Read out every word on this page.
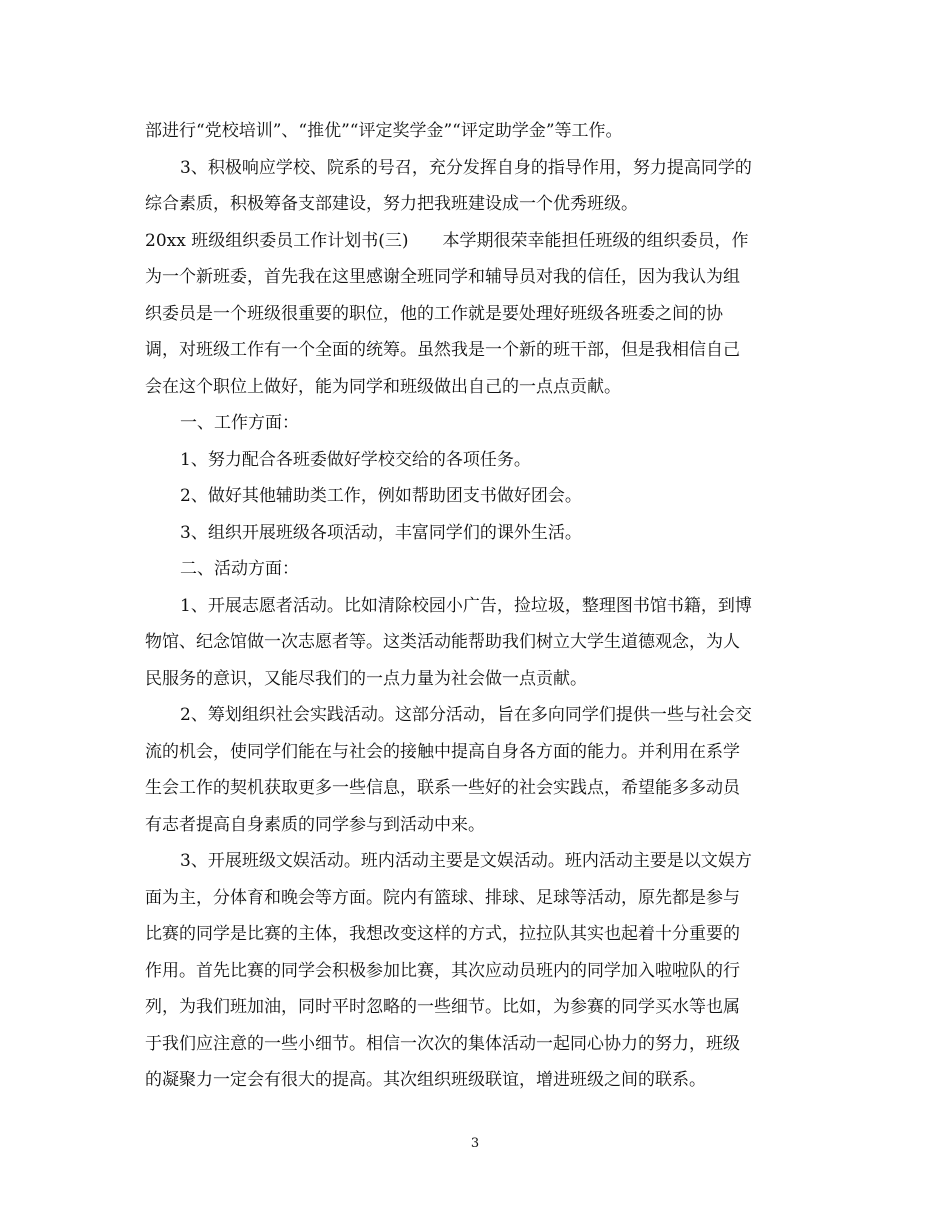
部进行“党校培训”、“推优”“评定奖学金”“评定助学金”等工作。
3、积极响应学校、院系的号召，充分发挥自身的指导作用，努力提高同学的
综合素质，积极筹备支部建设，努力把我班建设成一个优秀班级。
20xx 班级组织委员工作计划书(三)　　本学期很荣幸能担任班级的组织委员，作
为一个新班委，首先我在这里感谢全班同学和辅导员对我的信任，因为我认为组
织委员是一个班级很重要的职位，他的工作就是要处理好班级各班委之间的协
调，对班级工作有一个全面的统筹。虽然我是一个新的班干部，但是我相信自己
会在这个职位上做好，能为同学和班级做出自己的一点点贡献。
一、工作方面：
1、努力配合各班委做好学校交给的各项任务。
2、做好其他辅助类工作，例如帮助团支书做好团会。
3、组织开展班级各项活动，丰富同学们的课外生活。
二、活动方面：
1、开展志愿者活动。比如清除校园小广告，捡垃圾，整理图书馆书籍，到博
物馆、纪念馆做一次志愿者等。这类活动能帮助我们树立大学生道德观念，为人
民服务的意识，又能尽我们的一点力量为社会做一点贡献。
2、筹划组织社会实践活动。这部分活动，旨在多向同学们提供一些与社会交
流的机会，使同学们能在与社会的接触中提高自身各方面的能力。并利用在系学
生会工作的契机获取更多一些信息，联系一些好的社会实践点，希望能多多动员
有志者提高自身素质的同学参与到活动中来。
3、开展班级文娱活动。班内活动主要是文娱活动。班内活动主要是以文娱方
面为主，分体育和晚会等方面。院内有篮球、排球、足球等活动，原先都是参与
比赛的同学是比赛的主体，我想改变这样的方式，拉拉队其实也起着十分重要的
作用。首先比赛的同学会积极参加比赛，其次应动员班内的同学加入啦啦队的行
列，为我们班加油，同时平时忽略的一些细节。比如，为参赛的同学买水等也属
于我们应注意的一些小细节。相信一次次的集体活动一起同心协力的努力，班级
的凝聚力一定会有很大的提高。其次组织班级联谊，增进班级之间的联系。
3
